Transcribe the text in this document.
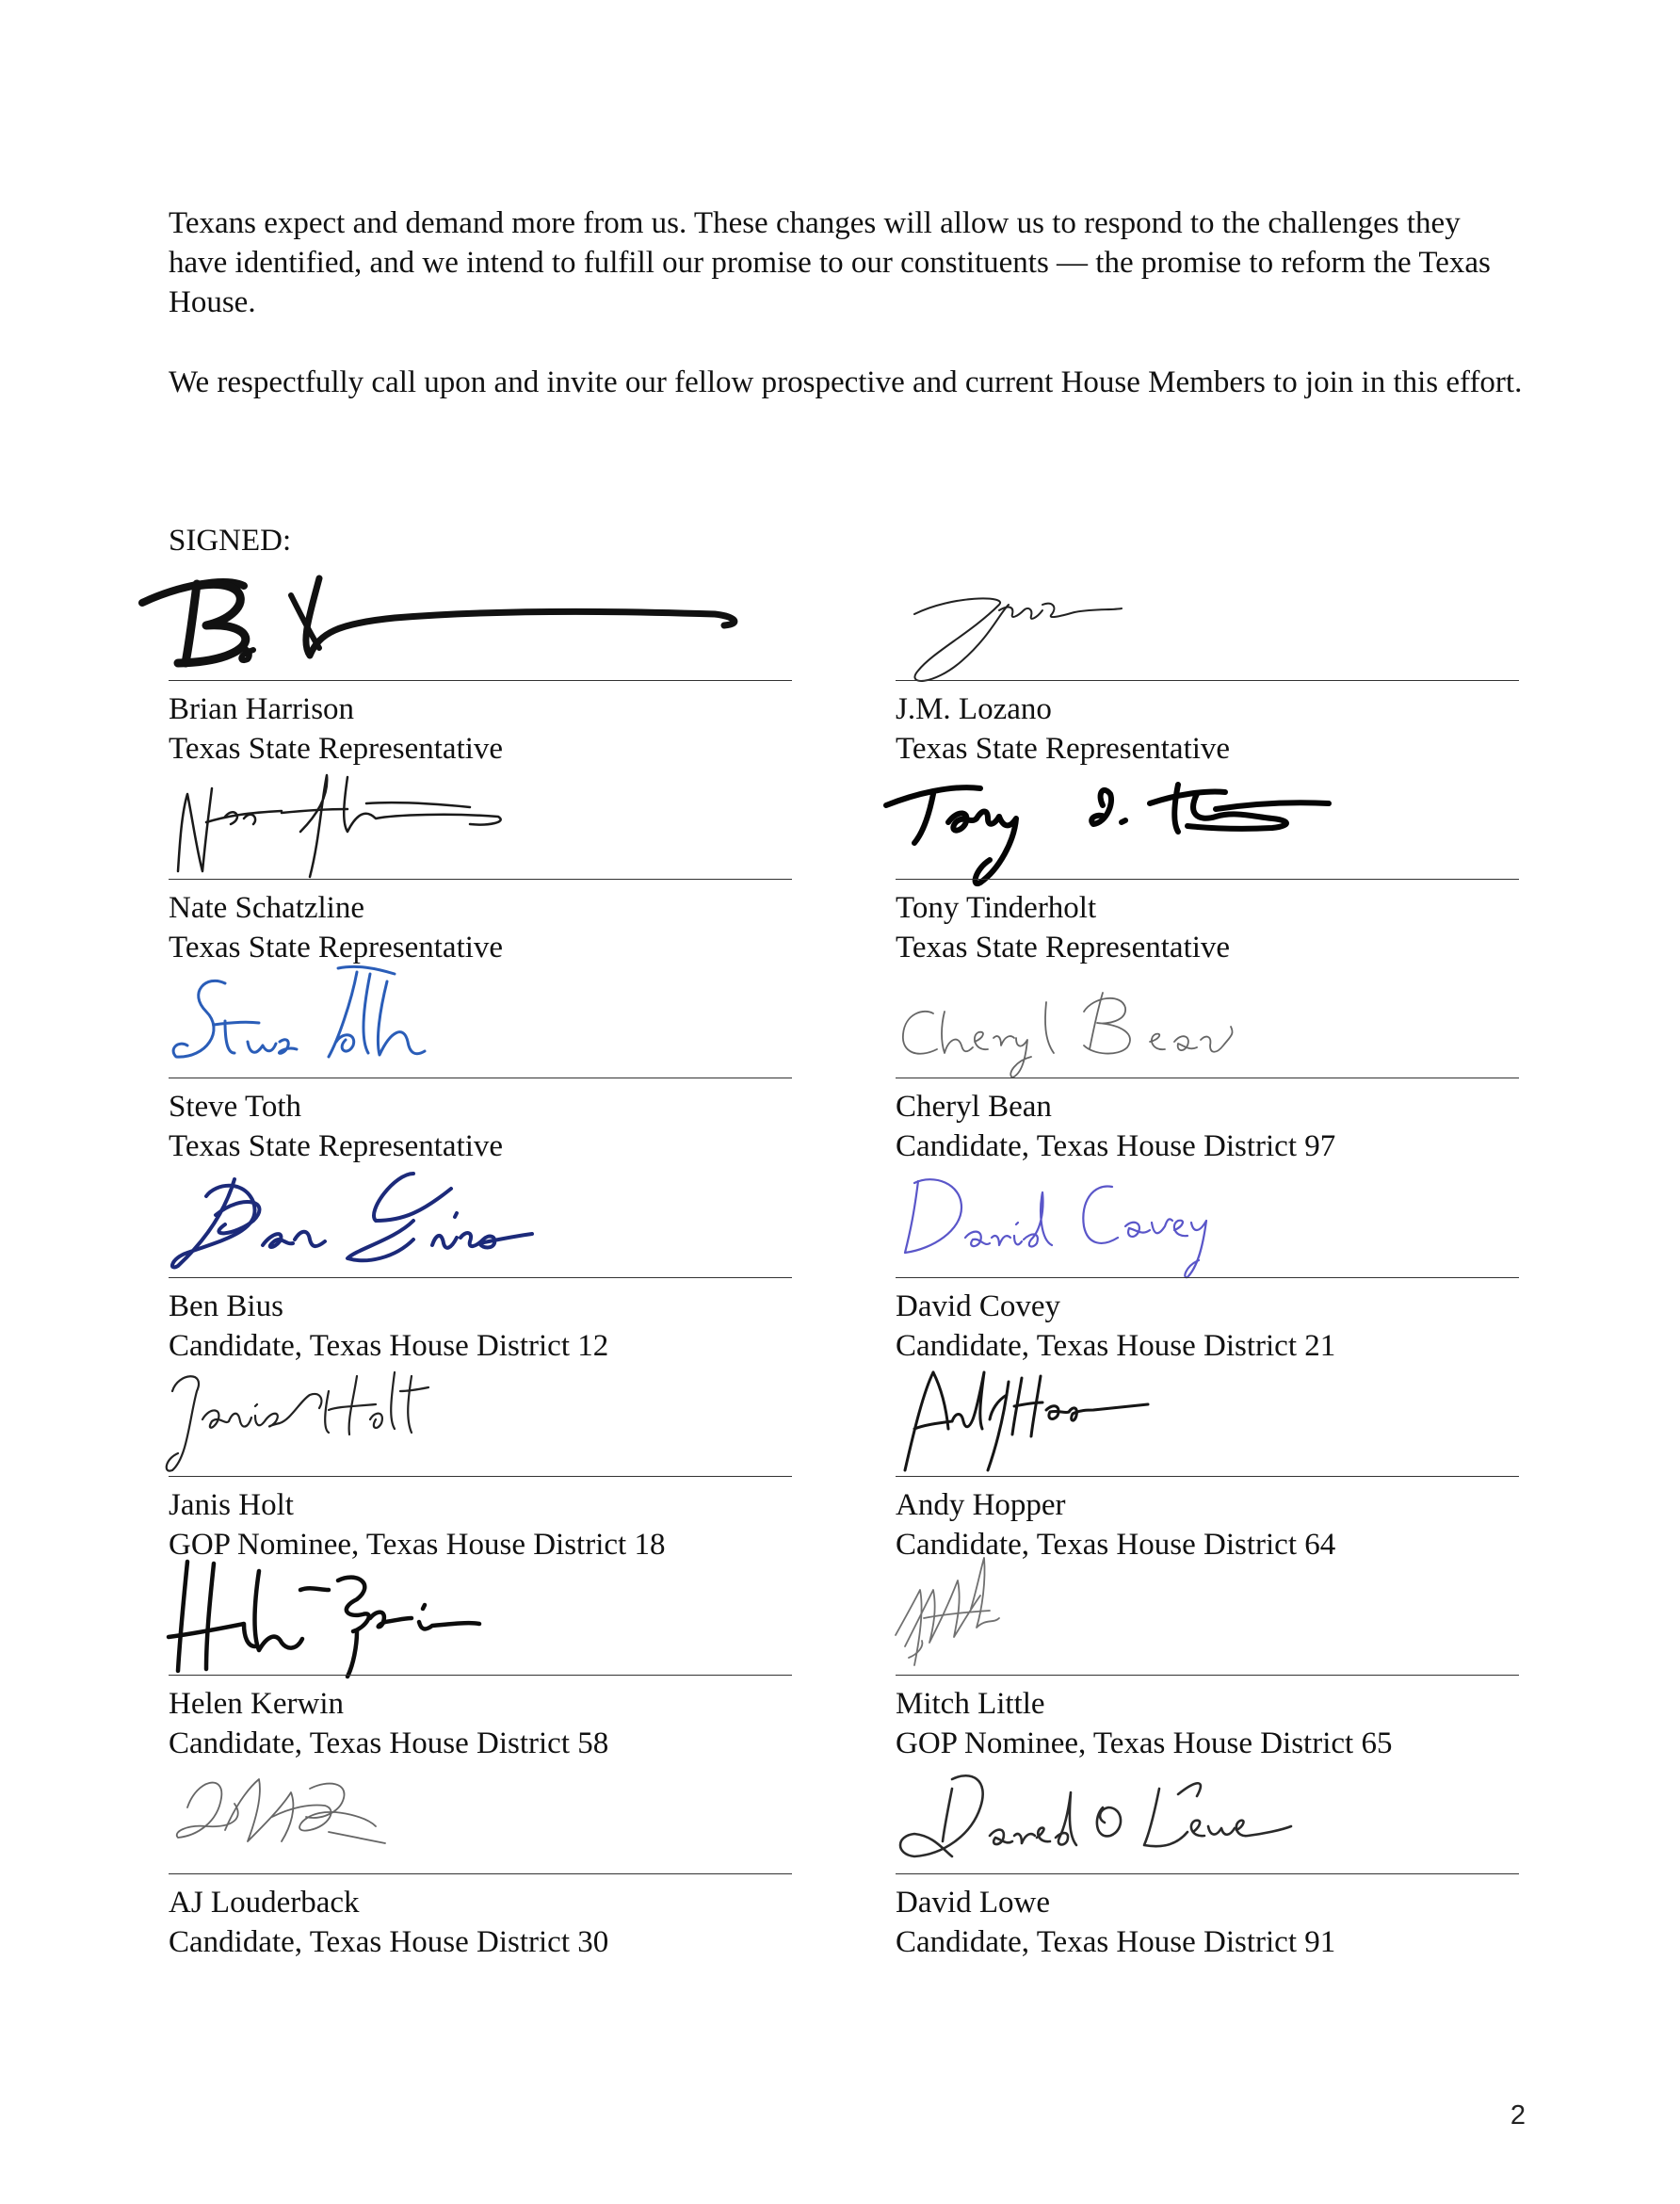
Texans expect and demand more from us. These changes will allow us to respond to the challenges they have identified, and we intend to fulfill our promise to our constituents — the promise to reform the Texas House.

We respectfully call upon and invite our fellow prospective and current House Members to join in this effort.

SIGNED:
Brian Harrison
Texas State Representative
Nate Schatzline
Texas State Representative
Steve Toth
Texas State Representative
Ben Bius
Candidate, Texas House District 12
Janis Holt
GOP Nominee, Texas House District 18
Helen Kerwin
Candidate, Texas House District 58
AJ Louderback
Candidate, Texas House District 30
J.M. Lozano
Texas State Representative
Tony Tinderholt
Texas State Representative
Cheryl Bean
Candidate, Texas House District 97
David Covey
Candidate, Texas House District 21
Andy Hopper
Candidate, Texas House District 64
Mitch Little
GOP Nominee, Texas House District 65
David Lowe
Candidate, Texas House District 91
2
